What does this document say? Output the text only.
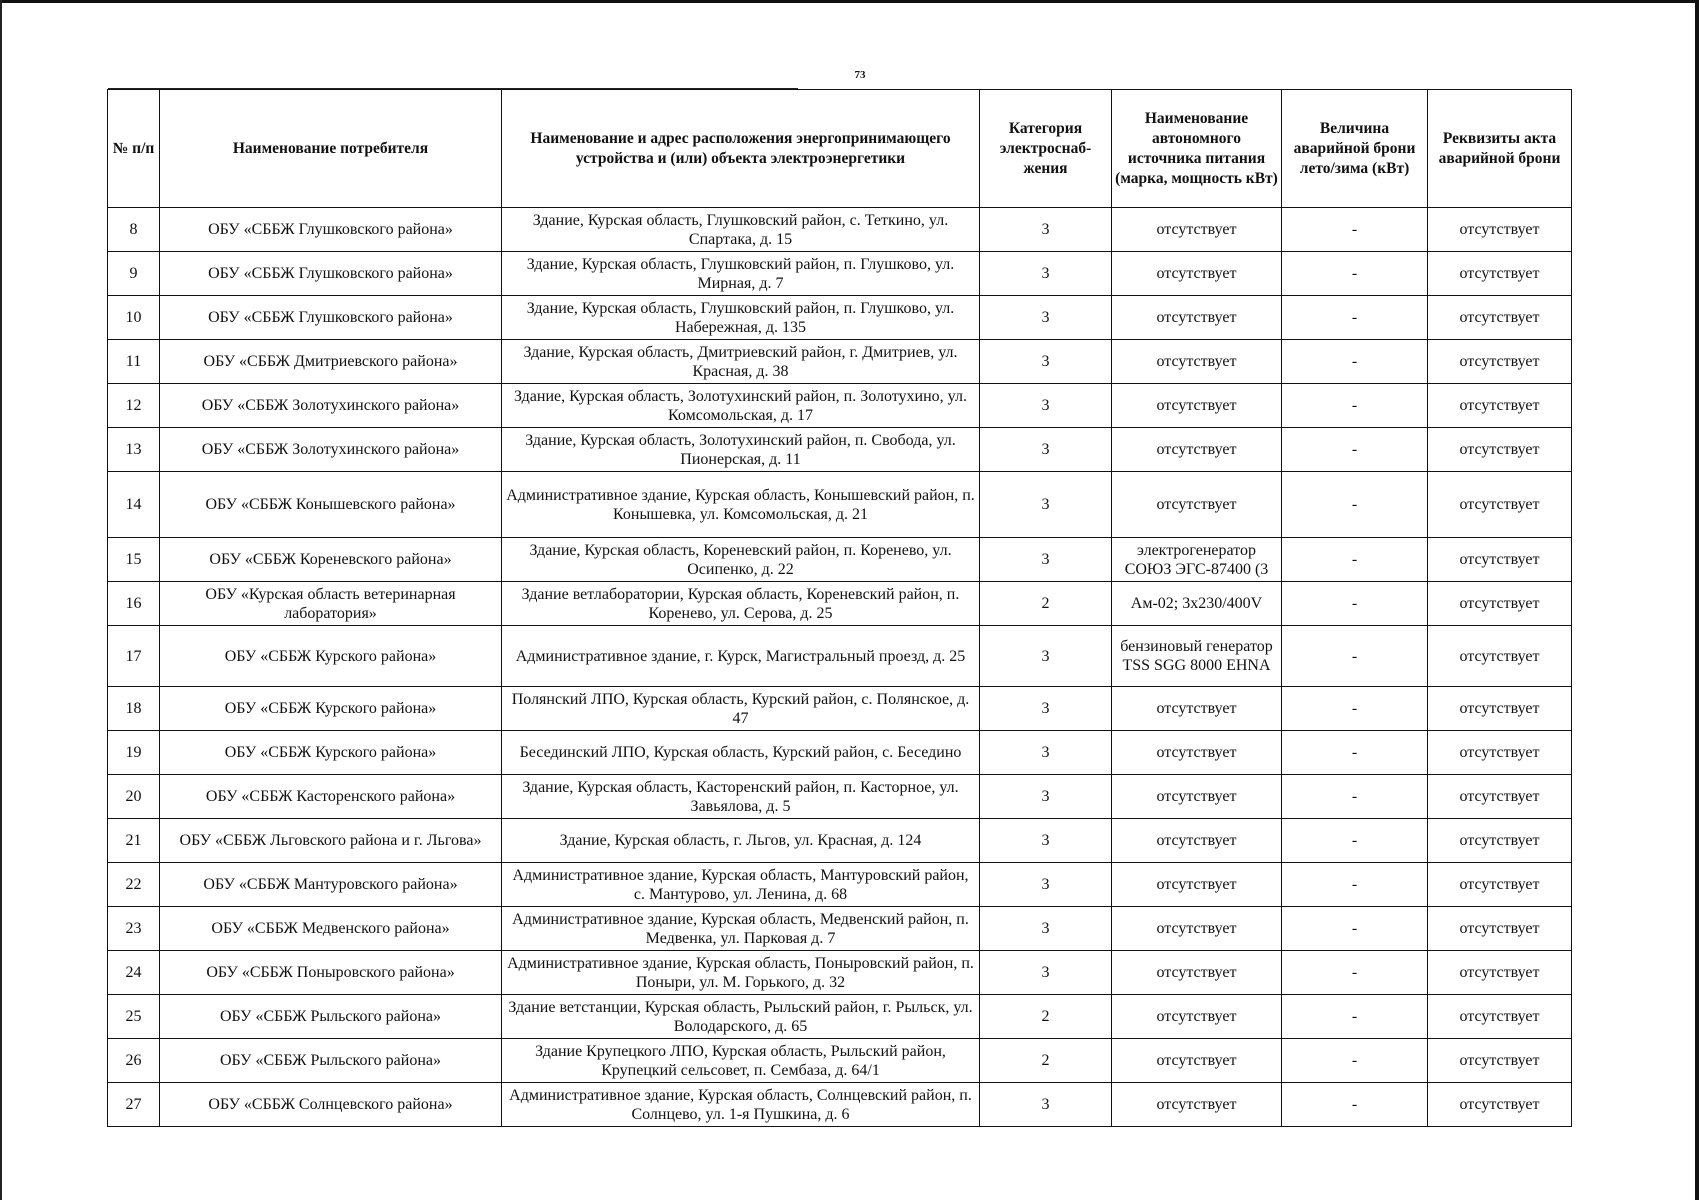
73
№ п/п	Наименование потребителя	Наименование и адрес расположения энергопринимающего устройства и (или) объекта электроэнергетики	Категория электроснаб-жения	Наименование автономного источника питания (марка, мощность кВт)	Величина аварийной брони лето/зима (кВт)	Реквизиты акта аварийной брони
8	ОБУ «СББЖ Глушковского района»	Здание, Курская область, Глушковский район, с. Теткино, ул. Спартака, д. 15	3	отсутствует	-	отсутствует
9	ОБУ «СББЖ Глушковского района»	Здание, Курская область, Глушковский район, п. Глушково, ул. Мирная, д. 7	3	отсутствует	-	отсутствует
10	ОБУ «СББЖ Глушковского района»	Здание, Курская область, Глушковский район, п. Глушково, ул. Набережная, д. 135	3	отсутствует	-	отсутствует
11	ОБУ «СББЖ Дмитриевского района»	Здание, Курская область, Дмитриевский район, г. Дмитриев, ул. Красная, д. 38	3	отсутствует	-	отсутствует
12	ОБУ «СББЖ Золотухинского района»	Здание, Курская область, Золотухинский район, п. Золотухино, ул. Комсомольская, д. 17	3	отсутствует	-	отсутствует
13	ОБУ «СББЖ Золотухинского района»	Здание, Курская область, Золотухинский район, п. Свобода, ул. Пионерская, д. 11	3	отсутствует	-	отсутствует
14	ОБУ «СББЖ Конышевского района»	Административное здание, Курская область, Конышевский район, п. Конышевка, ул. Комсомольская, д. 21	3	отсутствует	-	отсутствует
15	ОБУ «СББЖ Кореневского района»	Здание, Курская область, Кореневский район, п. Коренево, ул. Осипенко, д. 22	3	электрогенератор СОЮЗ ЭГС-87400 (3	-	отсутствует
16	ОБУ «Курская область ветеринарная лаборатория»	Здание ветлаборатории, Курская область, Кореневский район, п. Коренево, ул. Серова, д. 25	2	Ам-02; 3х230/400V	-	отсутствует
17	ОБУ «СББЖ Курского района»	Административное здание, г. Курск, Магистральный проезд, д. 25	3	бензиновый генератор TSS SGG 8000 EHNA	-	отсутствует
18	ОБУ «СББЖ Курского района»	Полянский ЛПО, Курская область, Курский район, с. Полянское, д. 47	3	отсутствует	-	отсутствует
19	ОБУ «СББЖ Курского района»	Бесединский ЛПО, Курская область, Курский район, с. Беседино	3	отсутствует	-	отсутствует
20	ОБУ «СББЖ Касторенского района»	Здание, Курская область, Касторенский район, п. Касторное, ул. Завьялова, д. 5	3	отсутствует	-	отсутствует
21	ОБУ «СББЖ Льговского района и г. Льгова»	Здание, Курская область, г. Льгов, ул. Красная, д. 124	3	отсутствует	-	отсутствует
22	ОБУ «СББЖ Мантуровского района»	Административное здание, Курская область, Мантуровский район, с. Мантурово, ул. Ленина, д. 68	3	отсутствует	-	отсутствует
23	ОБУ «СББЖ Медвенского района»	Административное здание, Курская область, Медвенский район, п. Медвенка, ул. Парковая д. 7	3	отсутствует	-	отсутствует
24	ОБУ «СББЖ Поныровского района»	Административное здание, Курская область, Поныровский район, п. Поныри, ул. М. Горького, д. 32	3	отсутствует	-	отсутствует
25	ОБУ «СББЖ Рыльского района»	Здание ветстанции, Курская область, Рыльский район, г. Рыльск, ул. Володарского, д. 65	2	отсутствует	-	отсутствует
26	ОБУ «СББЖ Рыльского района»	Здание Крупецкого ЛПО, Курская область, Рыльский район, Крупецкий сельсовет, п. Сембаза, д. 64/1	2	отсутствует	-	отсутствует
27	ОБУ «СББЖ Солнцевского района»	Административное здание, Курская область, Солнцевский район, п. Солнцево, ул. 1-я Пушкина, д. 6	3	отсутствует	-	отсутствует
